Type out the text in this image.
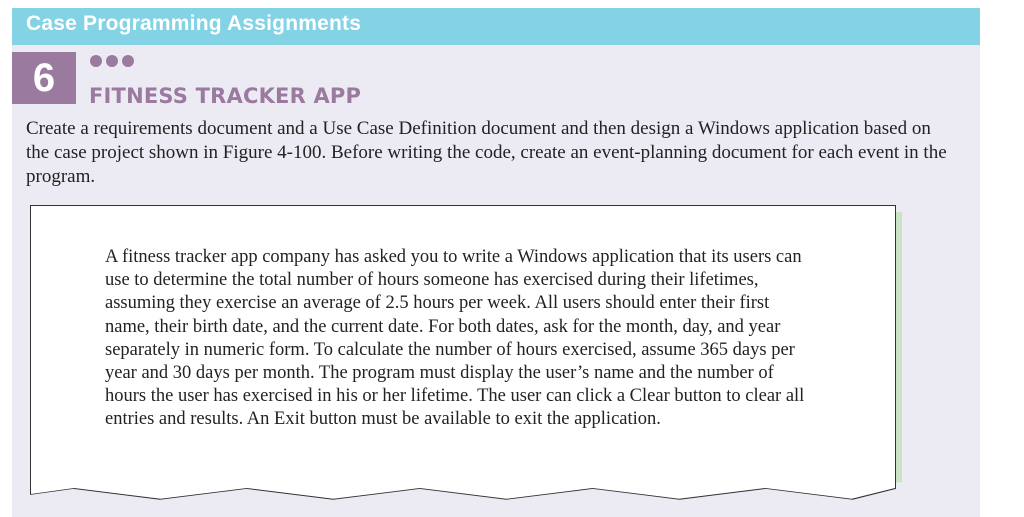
Case Programming Assignments
6	FITNESS TRACKER APP

Create a requirements document and a Use Case Definition document and then design a Windows application based on the case project shown in Figure 4-100. Before writing the code, create an event-planning document for each event in the program.

A fitness tracker app company has asked you to write a Windows application that its users can use to determine the total number of hours someone has exercised during their lifetimes, assuming they exercise an average of 2.5 hours per week. All users should enter their first name, their birth date, and the current date. For both dates, ask for the month, day, and year separately in numeric form. To calculate the number of hours exercised, assume 365 days per year and 30 days per month. The program must display the user’s name and the number of hours the user has exercised in his or her lifetime. The user can click a Clear button to clear all entries and results. An Exit button must be available to exit the application.
